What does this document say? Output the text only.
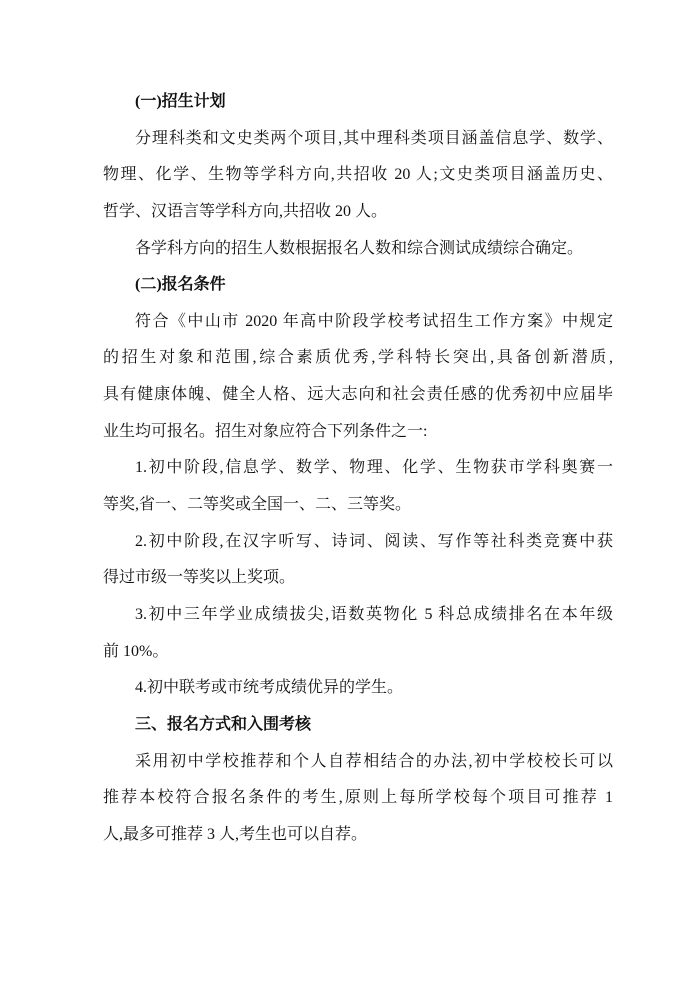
(一)招生计划
分理科类和文史类两个项目,其中理科类项目涵盖信息学、数学、
物理、化学、生物等学科方向,共招收 20 人;文史类项目涵盖历史、
哲学、汉语言等学科方向,共招收 20 人。
各学科方向的招生人数根据报名人数和综合测试成绩综合确定。
(二)报名条件
符合《中山市 2020 年高中阶段学校考试招生工作方案》中规定
的招生对象和范围,综合素质优秀,学科特长突出,具备创新潜质,
具有健康体魄、健全人格、远大志向和社会责任感的优秀初中应届毕
业生均可报名。招生对象应符合下列条件之一:
1.初中阶段,信息学、数学、物理、化学、生物获市学科奥赛一
等奖,省一、二等奖或全国一、二、三等奖。
2.初中阶段,在汉字听写、诗词、阅读、写作等社科类竞赛中获
得过市级一等奖以上奖项。
3.初中三年学业成绩拔尖,语数英物化 5 科总成绩排名在本年级
前 10%。
4.初中联考或市统考成绩优异的学生。
三、报名方式和入围考核
采用初中学校推荐和个人自荐相结合的办法,初中学校校长可以
推荐本校符合报名条件的考生,原则上每所学校每个项目可推荐 1
人,最多可推荐 3 人,考生也可以自荐。
